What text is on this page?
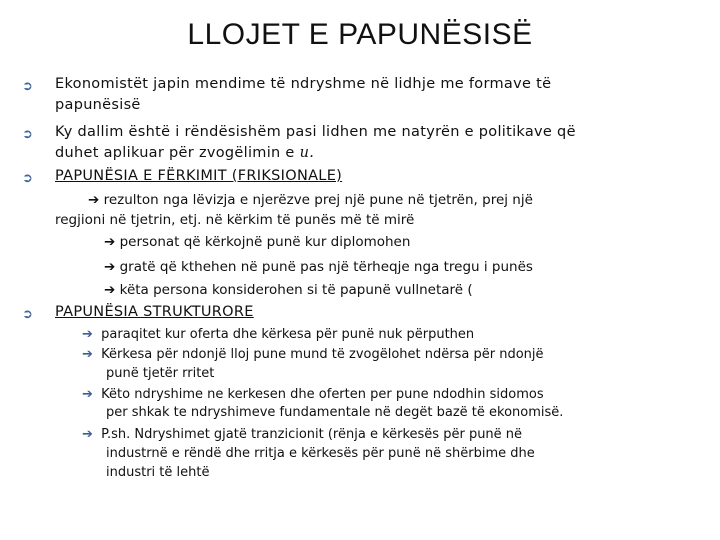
LLOJET E PAPUNËSISË
➲ Ekonomistët japin mendime të ndryshme në lidhje me formave të
papunësisë
➲ Ky dallim është i rëndësishëm pasi lidhen me natyrën e politikave që
duhet aplikuar për zvogëlimin e u.
➲ PAPUNËSIA E FËRKIMIT (FRIKSIONALE)
➔ rezulton nga lëvizja e njerëzve prej një pune në tjetrën, prej një
regjioni në tjetrin, etj. në kërkim të punës më të mirë
➔ personat që kërkojnë punë kur diplomohen
➔ gratë që kthehen në punë pas një tërheqje nga tregu i punës
➔ këta persona konsiderohen si të papunë vullnetarë (
➲ PAPUNËSIA STRUKTURORE
➔ paraqitet kur oferta dhe kërkesa për punë nuk përputhen
➔ Kërkesa për ndonjë lloj pune mund të zvogëlohet ndërsa për ndonjë
punë tjetër rritet
➔ Këto ndryshime ne kerkesen dhe oferten per pune ndodhin sidomos
per shkak te ndryshimeve fundamentale në degët bazë të ekonomisë.
➔ P.sh. Ndryshimet gjatë tranzicionit (rënja e kërkesës për punë në
industrnë e rëndë dhe rritja e kërkesës për punë në shërbime dhe
industri të lehtë
